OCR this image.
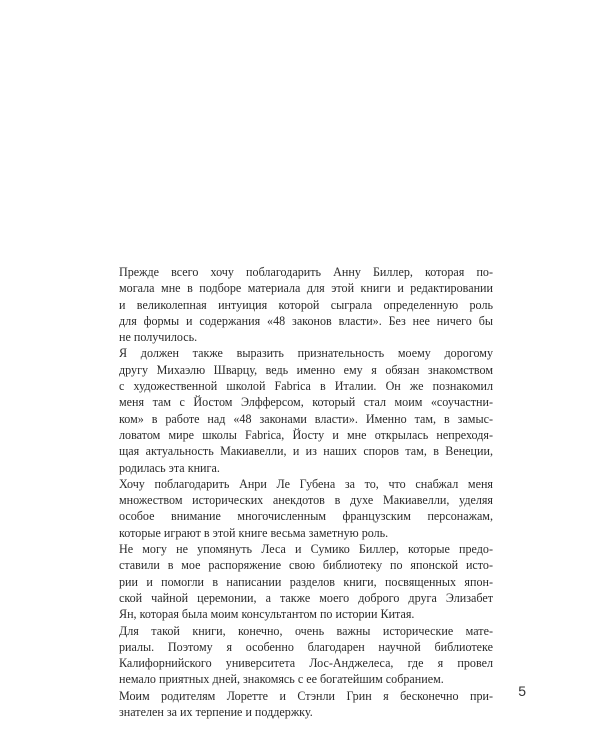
Прежде всего хочу поблагодарить Анну Биллер, которая по-
могала мне в подборе материала для этой книги и редактировании
и великолепная интуиция которой сыграла определенную роль
для формы и содержания «48 законов власти». Без нее ничего бы
не получилось.

Я должен также выразить признательность моему дорогому
другу Михаэлю Шварцу, ведь именно ему я обязан знакомством
с художественной школой Fabrica в Италии. Он же познакомил
меня там с Йостом Элфферсом, который стал моим «соучастни-
ком» в работе над «48 законами власти». Именно там, в замыс-
ловатом мире школы Fabrica, Йосту и мне открылась непреходя-
щая актуальность Макиавелли, и из наших споров там, в Венеции,
родилась эта книга.

Хочу поблагодарить Анри Ле Губена за то, что снабжал меня
множеством исторических анекдотов в духе Макиавелли, уделяя
особое внимание многочисленным французским персонажам,
которые играют в этой книге весьма заметную роль.

Не могу не упомянуть Леса и Сумико Биллер, которые предо-
ставили в мое распоряжение свою библиотеку по японской исто-
рии и помогли в написании разделов книги, посвященных япон-
ской чайной церемонии, а также моего доброго друга Элизабет
Ян, которая была моим консультантом по истории Китая.

Для такой книги, конечно, очень важны исторические мате-
риалы. Поэтому я особенно благодарен научной библиотеке
Калифорнийского университета Лос-Анджелеса, где я провел
немало приятных дней, знакомясь с ее богатейшим собранием.

Моим родителям Лоретте и Стэнли Грин я бесконечно при-
знателен за их терпение и поддержку.

5
